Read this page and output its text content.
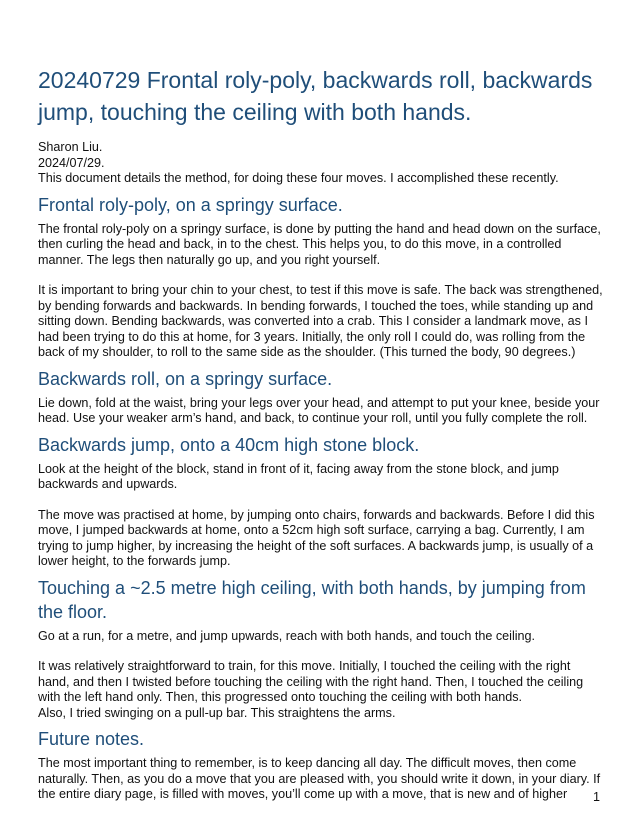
20240729 Frontal roly-poly, backwards roll, backwards jump, touching the ceiling with both hands.

Sharon Liu.

2024/07/29.

This document details the method, for doing these four moves. I accomplished these recently.

Frontal roly-poly, on a springy surface.

The frontal roly-poly on a springy surface, is done by putting the hand and head down on the surface, then curling the head and back, in to the chest. This helps you, to do this move, in a controlled manner. The legs then naturally go up, and you right yourself.

It is important to bring your chin to your chest, to test if this move is safe. The back was strengthened, by bending forwards and backwards. In bending forwards, I touched the toes, while standing up and sitting down. Bending backwards, was converted into a crab. This I consider a landmark move, as I had been trying to do this at home, for 3 years. Initially, the only roll I could do, was rolling from the back of my shoulder, to roll to the same side as the shoulder. (This turned the body, 90 degrees.)

Backwards roll, on a springy surface.

Lie down, fold at the waist, bring your legs over your head, and attempt to put your knee, beside your head. Use your weaker arm’s hand, and back, to continue your roll, until you fully complete the roll.

Backwards jump, onto a 40cm high stone block.

Look at the height of the block, stand in front of it, facing away from the stone block, and jump backwards and upwards.

The move was practised at home, by jumping onto chairs, forwards and backwards. Before I did this move, I jumped backwards at home, onto a 52cm high soft surface, carrying a bag. Currently, I am trying to jump higher, by increasing the height of the soft surfaces. A backwards jump, is usually of a lower height, to the forwards jump.

Touching a ~2.5 metre high ceiling, with both hands, by jumping from the floor.

Go at a run, for a metre, and jump upwards, reach with both hands, and touch the ceiling.

It was relatively straightforward to train, for this move. Initially, I touched the ceiling with the right hand, and then I twisted before touching the ceiling with the right hand. Then, I touched the ceiling with the left hand only. Then, this progressed onto touching the ceiling with both hands.

Also, I tried swinging on a pull-up bar. This straightens the arms.

Future notes.

The most important thing to remember, is to keep dancing all day. The difficult moves, then come naturally. Then, as you do a move that you are pleased with, you should write it down, in your diary. If the entire diary page, is filled with moves, you’ll come up with a move, that is new and of higher	1
